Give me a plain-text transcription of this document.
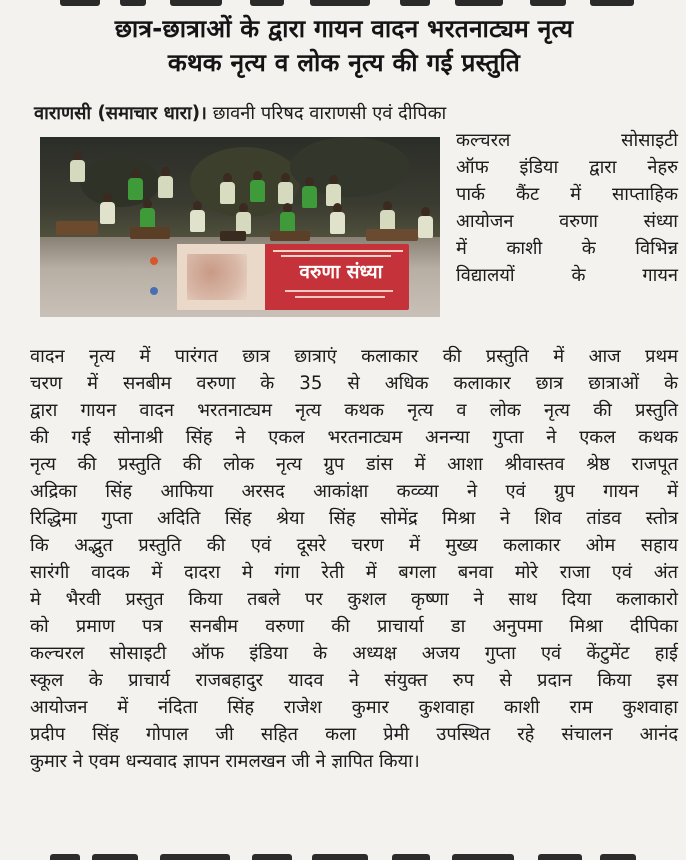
छात्र-छात्राओं के द्वारा गायन वादन भरतनाट्यम नृत्य
कथक नृत्य व लोक नृत्य की गई प्रस्तुति
वाराणसी (समाचार धारा)। छावनी परिषद वाराणसी एवं दीपिका
वरुणा संध्या
कल्चरल सोसाइटी
ऑफ इंडिया द्वारा नेहरु
पार्क कैंट में साप्ताहिक
आयोजन वरुणा संध्या
में काशी के विभिन्न
विद्यालयों के गायन
वादन नृत्य में पारंगत छात्र छात्राएं कलाकार की प्रस्तुति में आज प्रथम
चरण में सनबीम वरुणा के 35 से अधिक कलाकार छात्र छात्राओं के
द्वारा गायन वादन भरतनाट्यम नृत्य कथक नृत्य व लोक नृत्य की प्रस्तुति
की गई सोनाश्री सिंह ने एकल भरतनाट्यम अनन्या गुप्ता ने एकल कथक
नृत्य की प्रस्तुति की लोक नृत्य ग्रुप डांस में आशा श्रीवास्तव श्रेष्ठ राजपूत
अद्रिका सिंह आफिया अरसद आकांक्षा कव्व्या ने एवं ग्रुप गायन में
रिद्धिमा गुप्ता अदिति सिंह श्रेया सिंह सोमेंद्र मिश्रा ने शिव तांडव स्तोत्र
कि अद्भुत प्रस्तुति की एवं दूसरे चरण में मुख्य कलाकार ओम सहाय
सारंगी वादक में दादरा मे गंगा रेती में बगला बनवा मोरे राजा एवं अंत
मे भैरवी प्रस्तुत किया तबले पर कुशल कृष्णा ने साथ दिया कलाकारो
को प्रमाण पत्र सनबीम वरुणा की प्राचार्या डा अनुपमा मिश्रा दीपिका
कल्चरल सोसाइटी ऑफ इंडिया के अध्यक्ष अजय गुप्ता एवं केंटुमेंट हाई
स्कूल के प्राचार्य राजबहादुर यादव ने संयुक्त रुप से प्रदान किया इस
आयोजन में नंदिता सिंह राजेश कुमार कुशवाहा काशी राम कुशवाहा
प्रदीप सिंह गोपाल जी सहित कला प्रेमी उपस्थित रहे संचालन आनंद
कुमार ने एवम धन्यवाद ज्ञापन रामलखन जी ने ज्ञापित किया।
